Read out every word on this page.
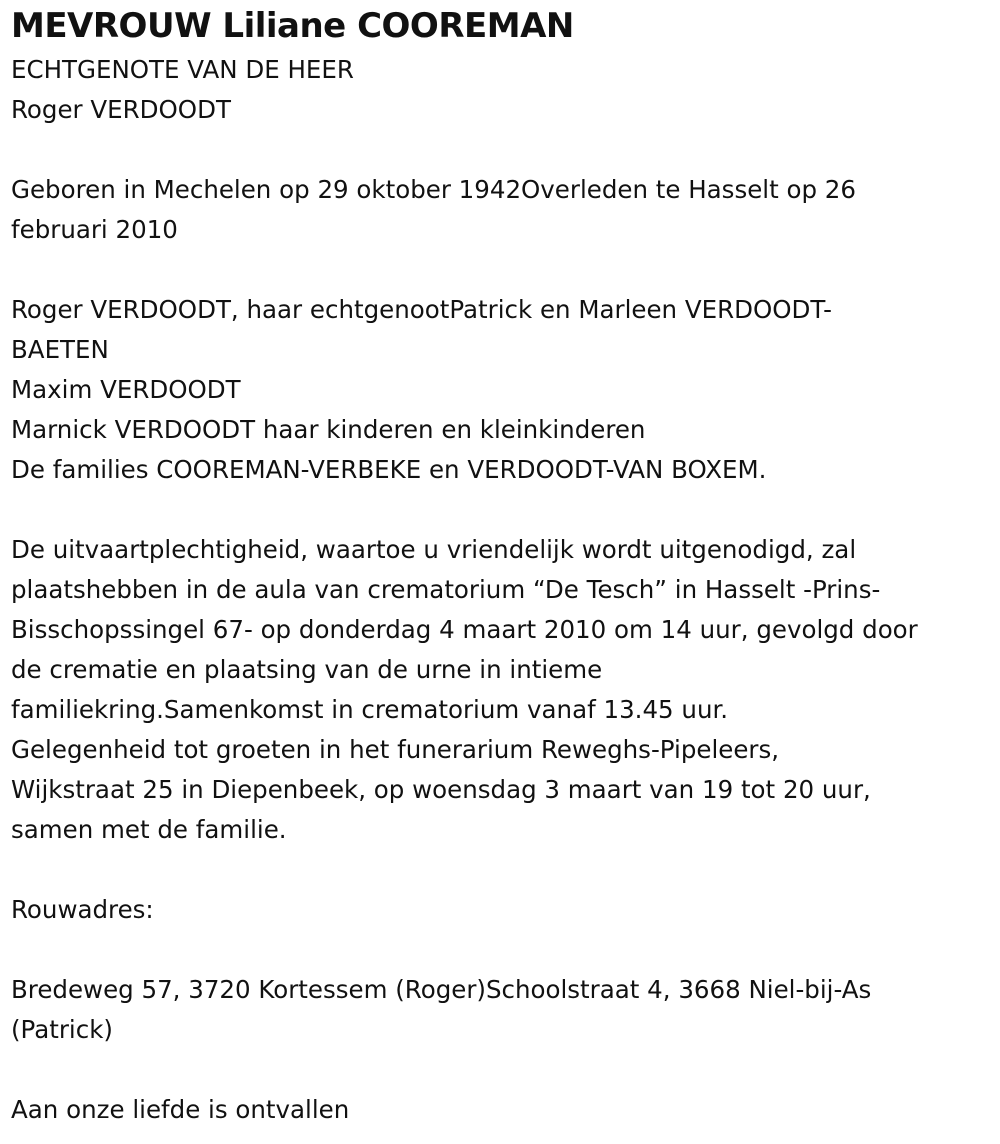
MEVROUW Liliane COOREMAN

ECHTGENOTE VAN DE HEER

Roger VERDOODT

Geboren in Mechelen op 29 oktober 1942Overleden te Hasselt op 26

februari 2010

Roger VERDOODT, haar echtgenootPatrick en Marleen VERDOODT-

BAETEN

Maxim VERDOODT

Marnick VERDOODT haar kinderen en kleinkinderen

De families COOREMAN-VERBEKE en VERDOODT-VAN BOXEM.

De uitvaartplechtigheid, waartoe u vriendelijk wordt uitgenodigd, zal

plaatshebben in de aula van crematorium “De Tesch” in Hasselt -Prins-

Bisschopssingel 67- op donderdag 4 maart 2010 om 14 uur, gevolgd door

de crematie en plaatsing van de urne in intieme

familiekring.Samenkomst in crematorium vanaf 13.45 uur.

Gelegenheid tot groeten in het funerarium Reweghs-Pipeleers,

Wijkstraat 25 in Diepenbeek, op woensdag 3 maart van 19 tot 20 uur,

samen met de familie.

Rouwadres:

Bredeweg 57, 3720 Kortessem (Roger)Schoolstraat 4, 3668 Niel-bij-As

(Patrick)

Aan onze liefde is ontvallen
